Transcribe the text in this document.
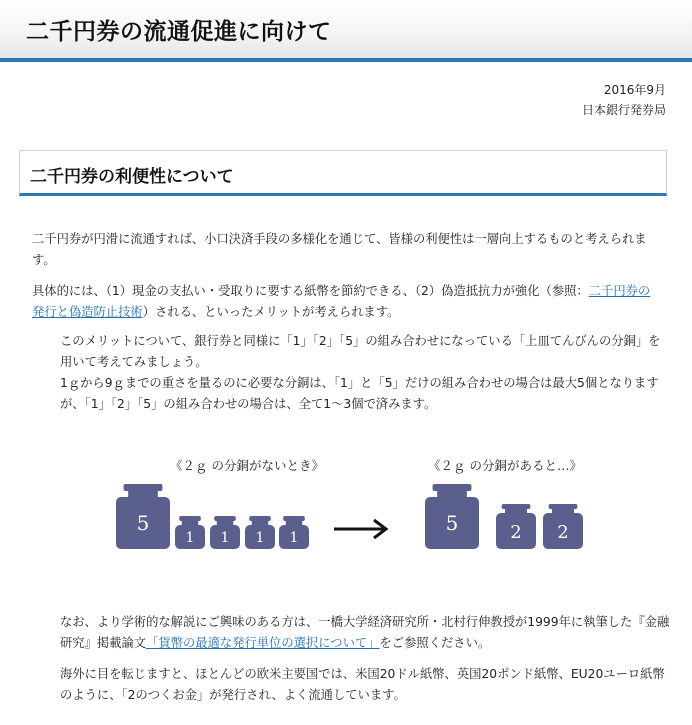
二千円券の流通促進に向けて
2016年9月
日本銀行発券局
二千円券の利便性について
二千円券が円滑に流通すれば、小口決済手段の多様化を通じて、皆様の利便性は一層向上するものと考えられます。
具体的には、（1）現金の支払い・受取りに要する紙幣を節約できる、（2）偽造抵抗力が強化（参照：二千円券の発行と偽造防止技術）される、といったメリットが考えられます。
このメリットについて、銀行券と同様に「1」「2」「5」の組み合わせになっている「上皿てんびんの分銅」を用いて考えてみましょう。
1ｇから9ｇまでの重さを量るのに必要な分銅は、「1」と「5」だけの組み合わせの場合は最大5個となりますが、「1」「2」「5」の組み合わせの場合は、全て1～3個で済みます。
《２ｇ の分銅がないとき》	《２ｇ の分銅があると…》
5
1 1 1 1
5	2 2
なお、より学術的な解説にご興味のある方は、一橋大学経済研究所・北村行伸教授が1999年に執筆した『金融研究』掲載論文「貨幣の最適な発行単位の選択について」をご参照ください。
海外に目を転じますと、ほとんどの欧米主要国では、米国20ドル紙幣、英国20ポンド紙幣、EU20ユーロ紙幣のように、「2のつくお金」が発行され、よく流通しています。
